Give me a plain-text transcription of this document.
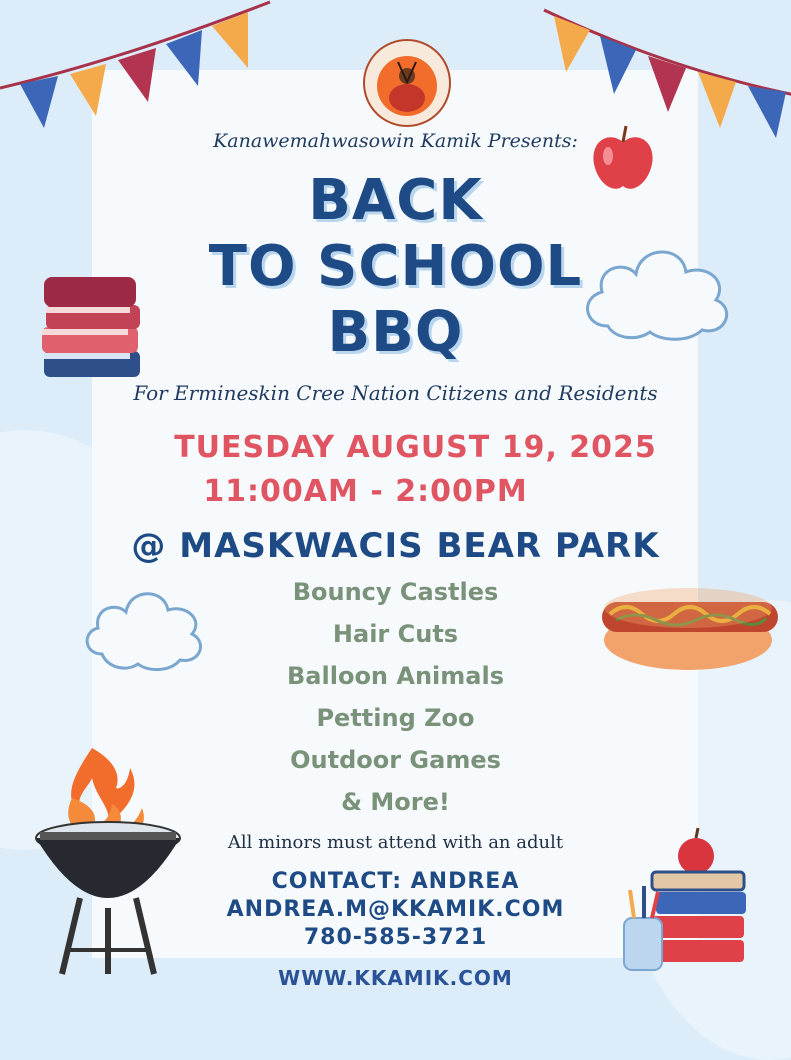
Kanawemahwasowin Kamik Presents:

BACK

TO SCHOOL

BBQ

For Ermineskin Cree Nation Citizens and Residents

TUESDAY AUGUST 19, 2025

11:00AM - 2:00PM

@ MASKWACIS BEAR PARK

Bouncy Castles

Hair Cuts

Balloon Animals

Petting Zoo

Outdoor Games

& More!

All minors must attend with an adult

CONTACT: ANDREA

ANDREA.M@KKAMIK.COM

780-585-3721

WWW.KKAMIK.COM
